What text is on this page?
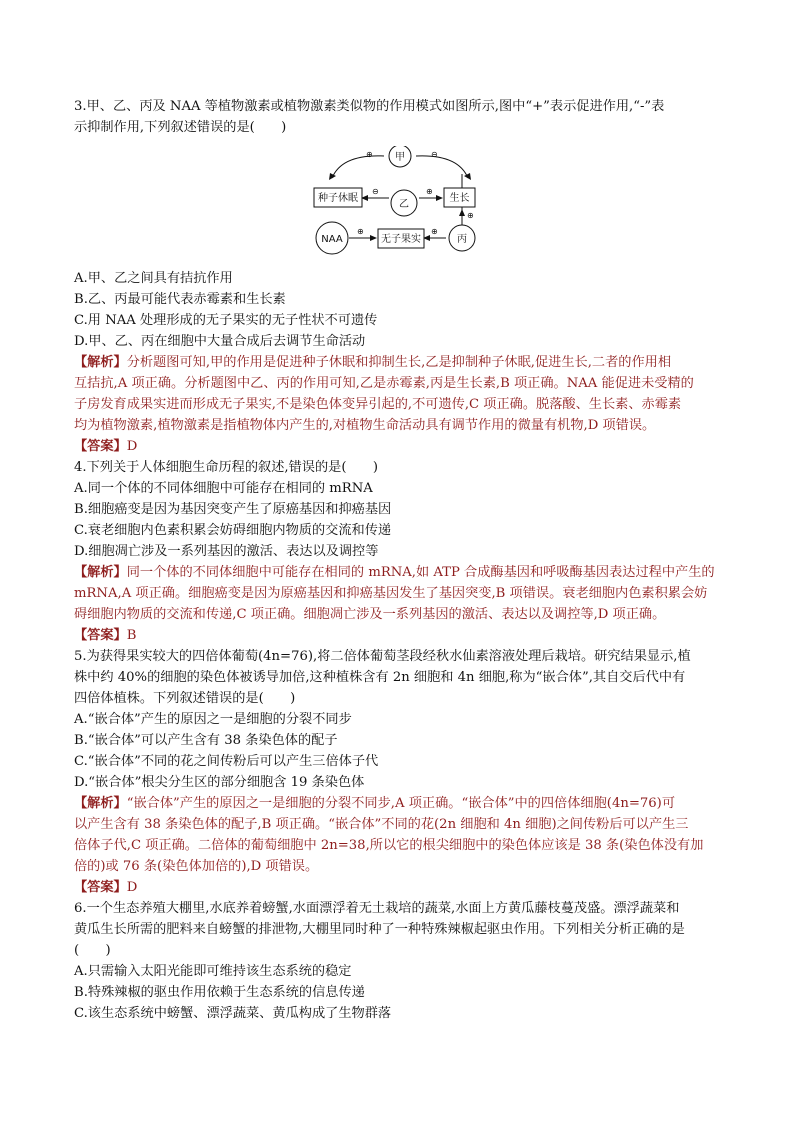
3.甲、乙、丙及 NAA 等植物激素或植物激素类似物的作用模式如图所示,图中“+”表示促进作用,“-”表
示抑制作用,下列叙述错误的是(　　)
甲
乙
丙
NAA
种子休眠	生长
无子果实
⊕	⊖
⊖	⊕
⊕
⊕	⊕
A.甲、乙之间具有拮抗作用
B.乙、丙最可能代表赤霉素和生长素
C.用 NAA 处理形成的无子果实的无子性状不可遗传
D.甲、乙、丙在细胞中大量合成后去调节生命活动
【解析】分析题图可知,甲的作用是促进种子休眠和抑制生长,乙是抑制种子休眠,促进生长,二者的作用相
互拮抗,A 项正确。分析题图中乙、丙的作用可知,乙是赤霉素,丙是生长素,B 项正确。NAA 能促进未受精的
子房发育成果实进而形成无子果实,不是染色体变异引起的,不可遗传,C 项正确。脱落酸、生长素、赤霉素
均为植物激素,植物激素是指植物体内产生的,对植物生命活动具有调节作用的微量有机物,D 项错误。
【答案】D
4.下列关于人体细胞生命历程的叙述,错误的是(　　)
A.同一个体的不同体细胞中可能存在相同的 mRNA
B.细胞癌变是因为基因突变产生了原癌基因和抑癌基因
C.衰老细胞内色素积累会妨碍细胞内物质的交流和传递
D.细胞凋亡涉及一系列基因的激活、表达以及调控等
【解析】同一个体的不同体细胞中可能存在相同的 mRNA,如 ATP 合成酶基因和呼吸酶基因表达过程中产生的
mRNA,A 项正确。细胞癌变是因为原癌基因和抑癌基因发生了基因突变,B 项错误。衰老细胞内色素积累会妨
碍细胞内物质的交流和传递,C 项正确。细胞凋亡涉及一系列基因的激活、表达以及调控等,D 项正确。
【答案】B
5.为获得果实较大的四倍体葡萄(4n=76),将二倍体葡萄茎段经秋水仙素溶液处理后栽培。研究结果显示,植
株中约 40%的细胞的染色体被诱导加倍,这种植株含有 2n 细胞和 4n 细胞,称为“嵌合体”,其自交后代中有
四倍体植株。下列叙述错误的是(　　)
A.“嵌合体”产生的原因之一是细胞的分裂不同步
B.“嵌合体”可以产生含有 38 条染色体的配子
C.“嵌合体”不同的花之间传粉后可以产生三倍体子代
D.“嵌合体”根尖分生区的部分细胞含 19 条染色体
【解析】“嵌合体”产生的原因之一是细胞的分裂不同步,A 项正确。“嵌合体”中的四倍体细胞(4n=76)可
以产生含有 38 条染色体的配子,B 项正确。“嵌合体”不同的花(2n 细胞和 4n 细胞)之间传粉后可以产生三
倍体子代,C 项正确。二倍体的葡萄细胞中 2n=38,所以它的根尖细胞中的染色体应该是 38 条(染色体没有加
倍的)或 76 条(染色体加倍的),D 项错误。
【答案】D
6.一个生态养殖大棚里,水底养着螃蟹,水面漂浮着无土栽培的蔬菜,水面上方黄瓜藤枝蔓茂盛。漂浮蔬菜和
黄瓜生长所需的肥料来自螃蟹的排泄物,大棚里同时种了一种特殊辣椒起驱虫作用。下列相关分析正确的是
(　　)
A.只需输入太阳光能即可维持该生态系统的稳定
B.特殊辣椒的驱虫作用依赖于生态系统的信息传递
C.该生态系统中螃蟹、漂浮蔬菜、黄瓜构成了生物群落
